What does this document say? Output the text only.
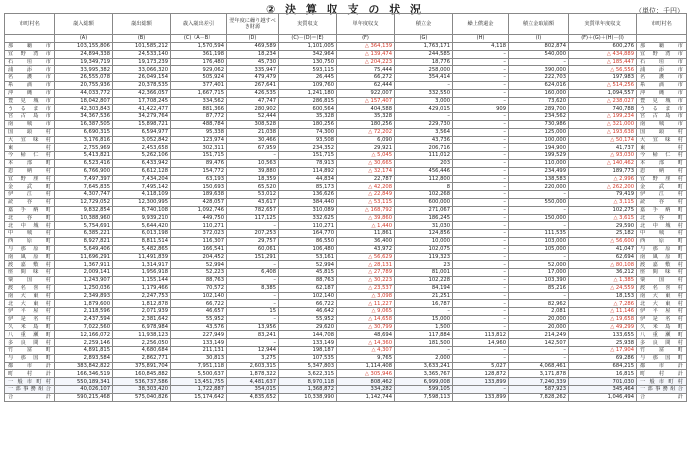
② 決 算 収 支 の 状 況	（単位：千円）
市町村名	歳入総額	歳出総額	歳入歳出差引	翌年度に繰り越すべき財源	実質収支	単年度収支	積立金	繰上償還金	積立金取崩額	実質単年度収支	市町村名
	(A)	(B)	(C)（A－B）	(D)	(C)－(D)＝(E)	(F)	(G)	(H)	(I)	(F)＋(G)＋(H)－(I)	
那覇市	103,155,806	101,585,212	1,570,594	469,589	1,101,005	△ 364,139	1,763,171	4,118	802,874	600,276	那覇市
宜野湾市	24,894,338	24,533,140	361,198	18,234	342,964	△ 139,474	244,585	–	540,000	△ 434,889	宜野湾市
石垣市	19,349,719	19,173,239	176,480	45,730	130,750	△ 204,223	18,776	–	–	△ 185,447	石垣市
浦添市	33,995,382	33,066,320	929,062	335,947	593,115	75,444	258,000	–	390,000	△ 56,556	浦添市
名護市	26,555,078	26,049,154	505,924	479,479	26,445	66,272	354,414	–	222,703	197,983	名護市
糸満市	20,755,936	20,378,535	377,401	267,641	109,760	62,444	–	–	624,016	△ 514,256	糸満市
沖縄市	44,033,772	42,366,057	1,667,715	426,535	1,241,180	922,007	332,550	–	160,000	1,094,557	沖縄市
豊見城市	18,042,807	17,708,245	334,562	47,747	286,815	△ 157,407	3,000	–	73,620	△ 238,027	豊見城市
うるま市	42,303,843	41,422,477	881,366	280,902	600,564	404,588	429,015	909	289,700	740,788	うるま市
宮古島市	34,367,536	34,279,764	87,772	52,444	35,328	35,328	–	–	234,562	△ 199,234	宮古島市
南城市	16,387,505	15,898,721	488,784	308,528	180,256	180,256	229,730	–	730,986	△ 321,000	南城市
国頭村	6,690,315	6,594,977	95,338	21,038	74,300	△ 72,202	3,564	–	125,000	△ 193,638	国頭村
大宜味村	3,176,816	3,052,842	123,974	30,466	93,508	6,090	43,736	–	100,000	△ 50,174	大宜味村
東村	2,755,969	2,453,658	302,311	67,959	234,352	29,921	206,716	–	194,900	41,737	東村
今帰仁村	5,413,821	5,262,106	151,715	–	151,715	△ 5,045	111,012	–	199,529	△ 93,030	今帰仁村
本部町	6,523,416	6,433,942	89,476	10,563	78,913	△ 30,665	203	–	110,000	△ 140,462	本部町
恩納村	6,766,900	6,612,128	154,772	39,880	114,892	△ 32,174	456,446	–	234,499	189,773	恩納村
宜野座村	7,497,397	7,434,204	63,193	18,359	44,834	22,787	112,800	–	138,583	△ 2,996	宜野座村
金武町	7,645,835	7,495,142	150,693	65,520	85,173	△ 42,208	8	–	220,000	△ 262,200	金武町
伊江村	4,307,747	4,118,109	189,638	53,012	136,626	△ 22,849	102,268	–	–	79,419	伊江村
読谷村	12,729,052	12,300,995	428,057	43,617	384,440	△ 53,115	600,000	–	550,000	△ 3,115	読谷村
嘉手納町	9,832,854	8,740,108	1,092,746	782,657	310,089	△ 168,792	271,067	–	–	102,275	嘉手納町
北谷町	10,388,960	9,939,210	449,750	117,125	332,625	△ 39,860	186,245	–	150,000	△ 3,615	北谷町
北中城村	5,754,691	5,644,420	110,271	–	110,271	△ 1,440	31,030	–	–	29,590	北中城村
中城村	6,385,221	6,013,198	372,023	207,253	164,770	11,861	124,856	–	111,535	25,182	中城村
西原町	8,927,821	8,811,514	116,307	29,757	86,550	36,400	10,000	–	103,000	△ 56,600	西原町
与那原町	5,649,406	5,482,865	166,541	60,061	106,480	43,972	102,075	–	105,000	41,047	与那原町
南風原町	11,696,291	11,491,839	204,452	151,291	53,161	△ 56,629	119,323	–	–	62,694	南風原町
渡嘉敷村	1,367,911	1,314,917	52,994	–	52,994	△ 28,131	23	–	52,000	△ 80,108	渡嘉敷村
座間味村	2,009,141	1,956,918	52,223	6,408	45,815	△ 27,789	81,001	–	17,000	36,212	座間味村
粟国村	1,243,907	1,155,144	88,763	–	88,763	△ 30,223	102,228	–	103,390	△ 1,385	粟国村
渡名喜村	1,250,036	1,179,466	70,572	8,385	62,187	△ 23,537	84,194	–	85,216	△ 24,559	渡名喜村
南大東村	2,349,893	2,247,753	102,140	–	102,140	△ 3,098	21,251	–	–	18,153	南大東村
北大東村	1,879,600	1,812,878	66,722	–	66,722	△ 11,227	16,787	–	82,962	△ 7,286	北大東村
伊平屋村	2,118,596	2,071,939	46,657	15	46,642	△ 9,065	–	–	2,081	△ 11,146	伊平屋村
伊是名村	2,437,594	2,381,642	55,952	–	55,952	△ 14,658	15,000	–	20,000	△ 19,658	伊是名村
久米島町	7,022,560	6,978,984	43,576	13,956	29,620	△ 30,799	1,500	–	20,000	△ 49,299	久米島町
八重瀬町	12,166,072	11,938,123	227,949	83,241	144,708	48,694	117,884	113,812	214,249	133,655	八重瀬町
多良間村	2,259,146	2,256,050	133,149	–	133,149	△ 14,360	181,500	14,960	142,507	25,938	多良間村
竹富町	4,891,815	4,680,684	211,131	12,944	198,187	△ 4,307	–	–	–	△ 17,904	竹富町
与那国町	2,893,584	2,862,771	30,813	3,275	107,535	9,765	2,000	–	–	69,286	与那国町
都市計	383,842,822	375,891,704	7,951,118	2,603,315	5,347,803	1,114,408	3,633,241	5,027	4,068,461	684,215	都市計
町村計	166,346,519	160,845,882	5,500,637	1,878,322	3,622,315	△ 305,946	3,365,767	128,872	3,171,878	16,815	町村計
一般市町村	550,189,341	536,737,586	13,451,755	4,481,637	8,970,118	808,462	6,999,008	133,899	7,240,339	701,030	一般市町村
一部事務組合	40,026,107	38,303,420	1,722,887	354,015	1,368,872	334,282	599,105	–	587,923	345,464	一部事務組合
合計	590,215,468	575,040,826	15,174,642	4,835,652	10,338,990	1,142,744	7,598,113	133,899	7,828,262	1,046,494	合計
